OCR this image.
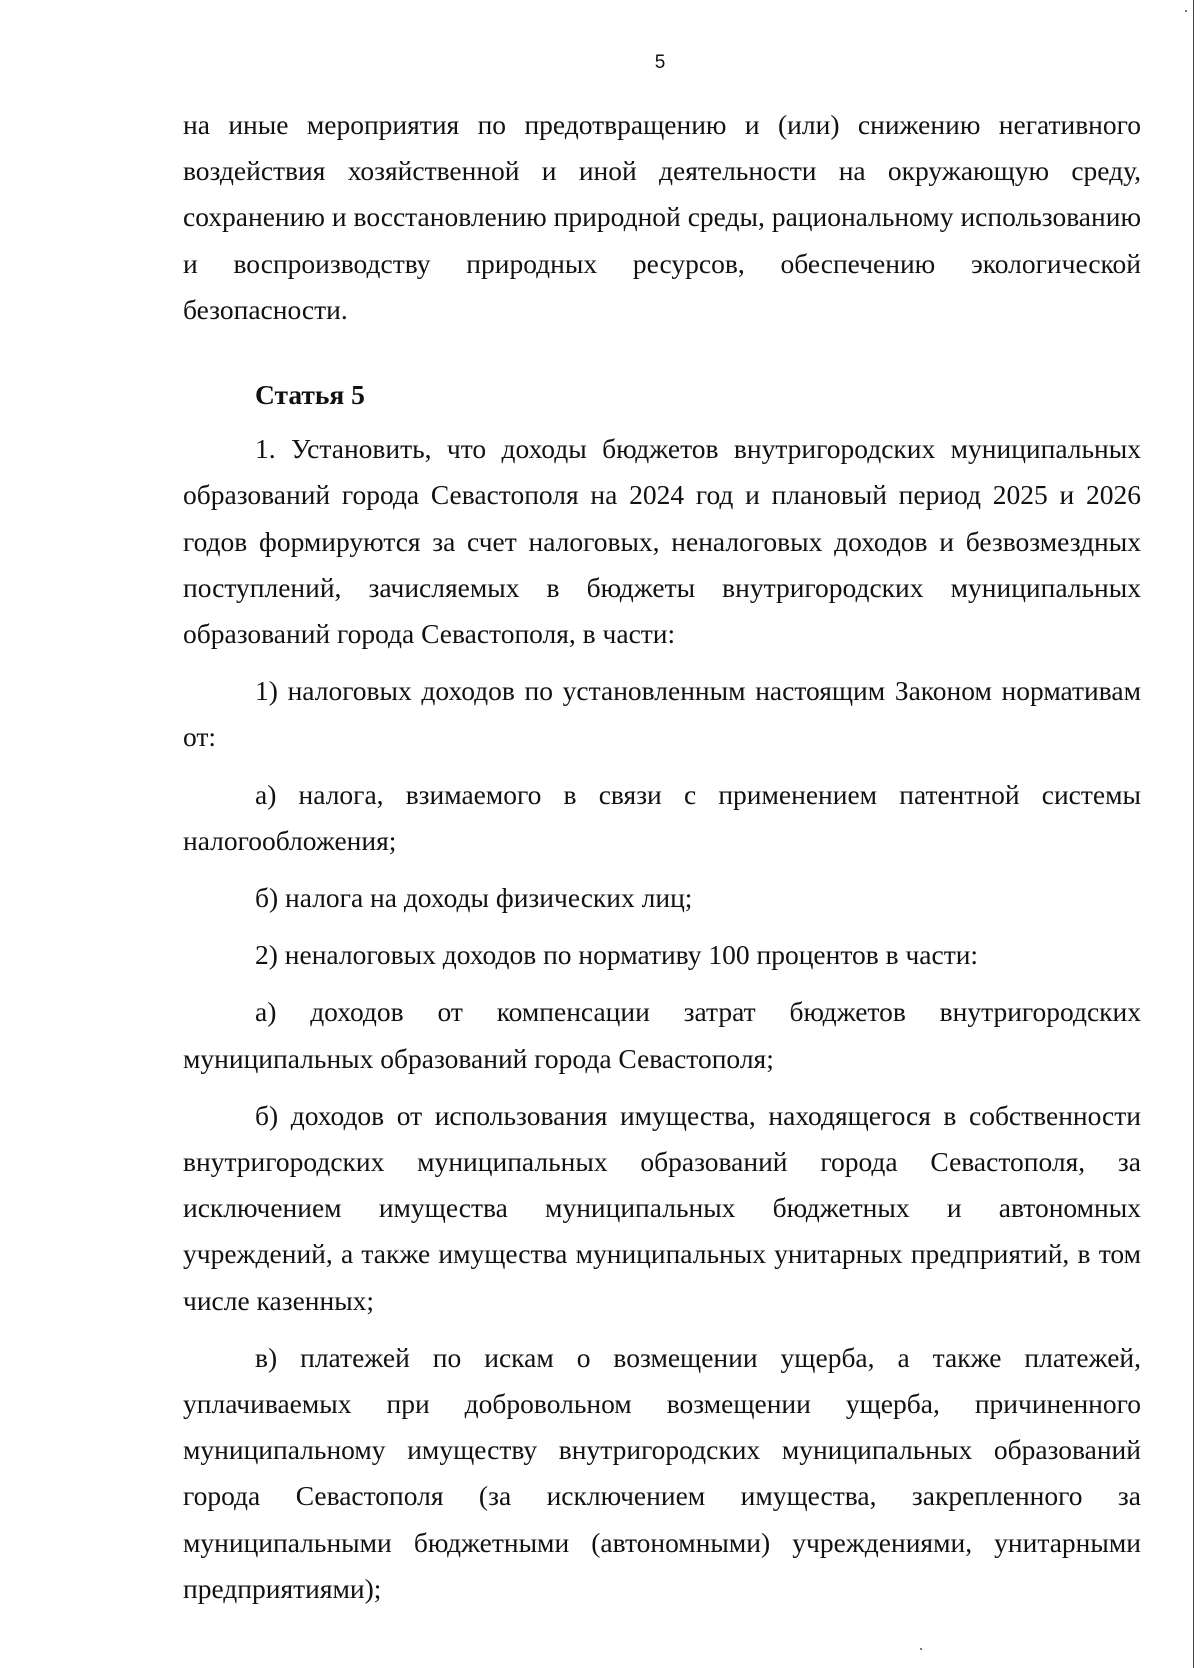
5

на иные мероприятия по предотвращению и (или) снижению негативного воздействия хозяйственной и иной деятельности на окружающую среду, сохранению и восстановлению природной среды, рациональному использованию и воспроизводству природных ресурсов, обеспечению экологической безопасности.

Статья 5

1. Установить, что доходы бюджетов внутригородских муниципальных образований города Севастополя на 2024 год и плановый период 2025 и 2026 годов формируются за счет налоговых, неналоговых доходов и безвозмездных поступлений, зачисляемых в бюджеты внутригородских муниципальных образований города Севастополя, в части:

1) налоговых доходов по установленным настоящим Законом нормативам от:

а) налога, взимаемого в связи с применением патентной системы налогообложения;

б) налога на доходы физических лиц;

2) неналоговых доходов по нормативу 100 процентов в части:

а) доходов от компенсации затрат бюджетов внутригородских муниципальных образований города Севастополя;

б) доходов от использования имущества, находящегося в собственности внутригородских муниципальных образований города Севастополя, за исключением имущества муниципальных бюджетных и автономных учреждений, а также имущества муниципальных унитарных предприятий, в том числе казенных;

в) платежей по искам о возмещении ущерба, а также платежей, уплачиваемых при добровольном возмещении ущерба, причиненного муниципальному имуществу внутригородских муниципальных образований города Севастополя (за исключением имущества, закрепленного за муниципальными бюджетными (автономными) учреждениями, унитарными предприятиями);
